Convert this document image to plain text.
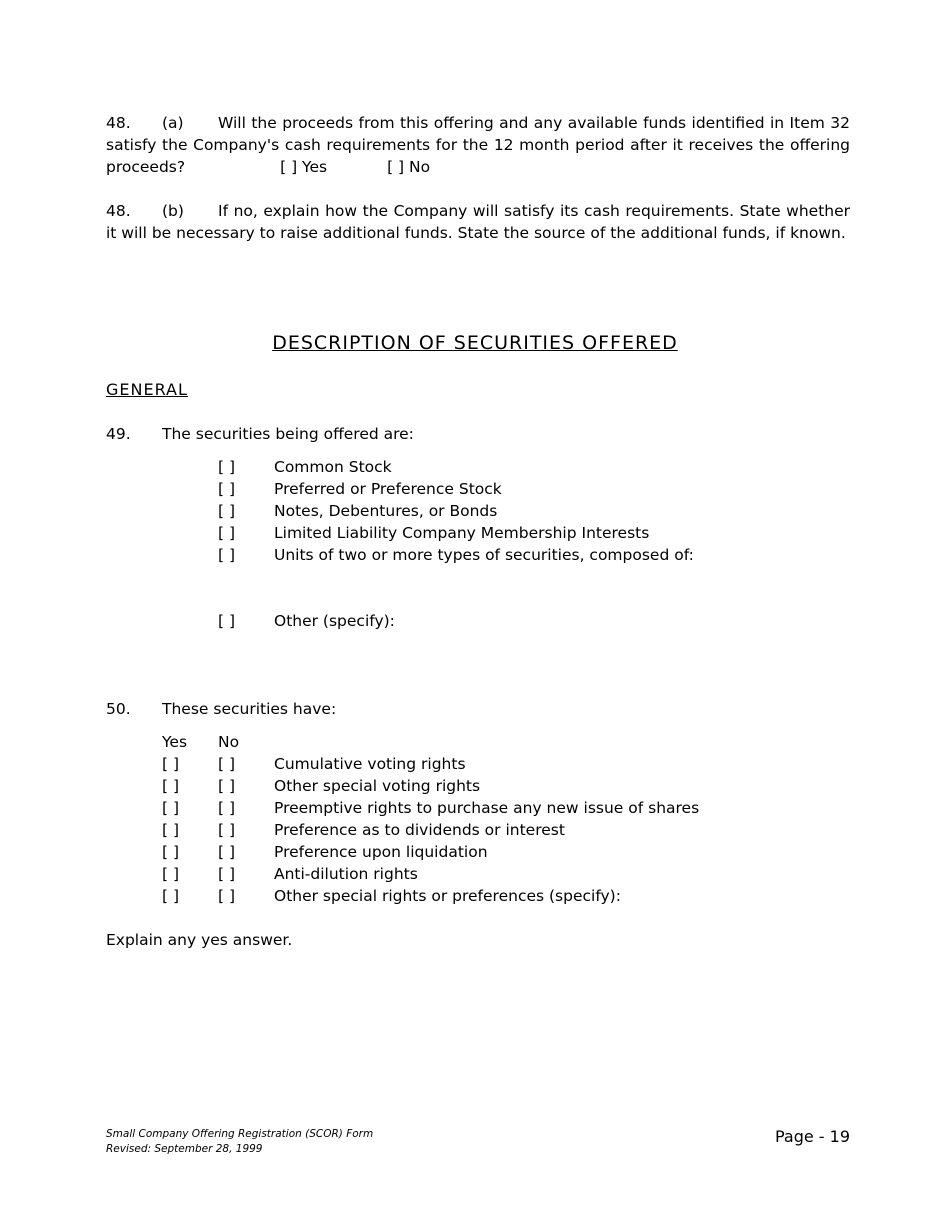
48. (a) Will the proceeds from this offering and any available funds identified in Item 32 satisfy the Company's cash requirements for the 12 month period after it receives the offering proceeds?	[ ] Yes	[ ] No
48. (b) If no, explain how the Company will satisfy its cash requirements. State whether it will be necessary to raise additional funds. State the source of the additional funds, if known.
DESCRIPTION OF SECURITIES OFFERED
GENERAL
49. The securities being offered are:
[ ]	Common Stock
[ ]	Preferred or Preference Stock
[ ]	Notes, Debentures, or Bonds
[ ]	Limited Liability Company Membership Interests
[ ]	Units of two or more types of securities, composed of:
[ ]	Other (specify):
50. These securities have:
Yes No
[ ]	[ ]	Cumulative voting rights
[ ]	[ ]	Other special voting rights
[ ]	[ ]	Preemptive rights to purchase any new issue of shares
[ ]	[ ]	Preference as to dividends or interest
[ ]	[ ]	Preference upon liquidation
[ ]	[ ]	Anti-dilution rights
[ ]	[ ]	Other special rights or preferences (specify):
Explain any yes answer.
Small Company Offering Registration (SCOR) Form
Revised: September 28, 1999
Page - 19
